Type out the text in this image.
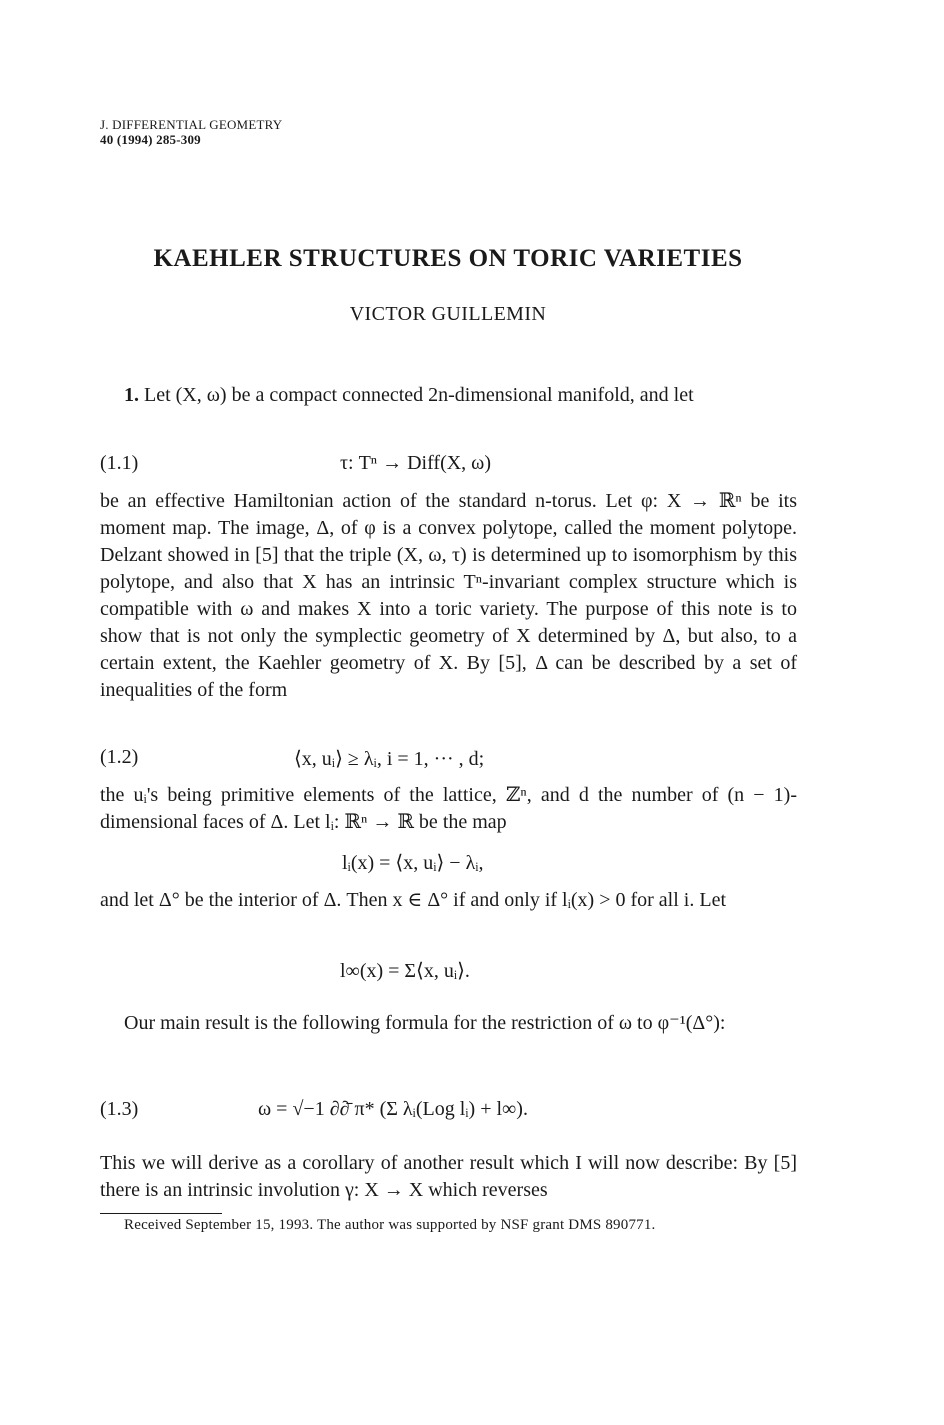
J. DIFFERENTIAL GEOMETRY
40 (1994) 285-309
KAEHLER STRUCTURES ON TORIC VARIETIES
VICTOR GUILLEMIN
1. Let (X, ω) be a compact connected 2n-dimensional manifold, and let
(1.1)	τ: Tⁿ → Diff(X, ω)
be an effective Hamiltonian action of the standard n-torus. Let φ: X → ℝⁿ be its moment map. The image, Δ, of φ is a convex polytope, called the moment polytope. Delzant showed in [5] that the triple (X, ω, τ) is determined up to isomorphism by this polytope, and also that X has an intrinsic Tⁿ-invariant complex structure which is compatible with ω and makes X into a toric variety. The purpose of this note is to show that is not only the symplectic geometry of X determined by Δ, but also, to a certain extent, the Kaehler geometry of X. By [5], Δ can be described by a set of inequalities of the form
(1.2)	⟨x, uᵢ⟩ ≥ λᵢ, i = 1, ··· , d;
the uᵢ's being primitive elements of the lattice, ℤⁿ, and d the number of (n − 1)-dimensional faces of Δ. Let lᵢ: ℝⁿ → ℝ be the map
lᵢ(x) = ⟨x, uᵢ⟩ − λᵢ,
and let Δ° be the interior of Δ. Then x ∈ Δ° if and only if lᵢ(x) > 0 for all i. Let
l∞(x) = Σ⟨x, uᵢ⟩.
Our main result is the following formula for the restriction of ω to φ⁻¹(Δ°):
(1.3)	ω = √−1 ∂∂̄ π* (Σ λᵢ(Log lᵢ) + l∞).
This we will derive as a corollary of another result which I will now describe: By [5] there is an intrinsic involution γ: X → X which reverses
Received September 15, 1993. The author was supported by NSF grant DMS 890771.
